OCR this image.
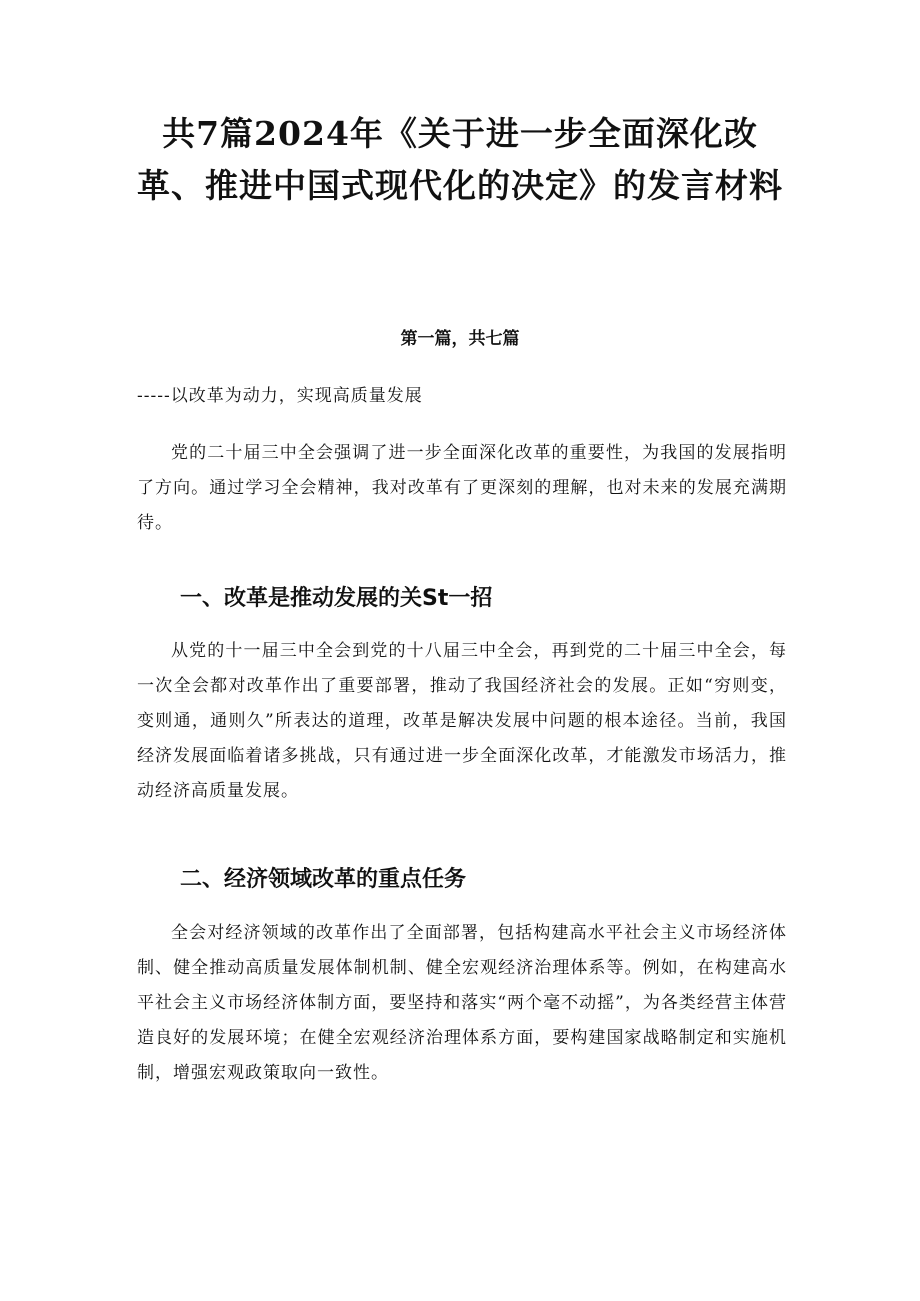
共7篇2024年《关于进一步全面深化改革、推进中国式现代化的决定》的发言材料
第一篇，共七篇
-----以改革为动力，实现高质量发展

党的二十届三中全会强调了进一步全面深化改革的重要性，为我国的发展指明了方向。通过学习全会精神，我对改革有了更深刻的理解，也对未来的发展充满期待。

一、改革是推动发展的关St一招

从党的十一届三中全会到党的十八届三中全会，再到党的二十届三中全会，每一次全会都对改革作出了重要部署，推动了我国经济社会的发展。正如“穷则变，变则通，通则久”所表达的道理，改革是解决发展中问题的根本途径。当前，我国经济发展面临着诸多挑战，只有通过进一步全面深化改革，才能激发市场活力，推动经济高质量发展。

二、经济领域改革的重点任务

全会对经济领域的改革作出了全面部署，包括构建高水平社会主义市场经济体制、健全推动高质量发展体制机制、健全宏观经济治理体系等。例如，在构建高水平社会主义市场经济体制方面，要坚持和落实“两个毫不动摇”，为各类经营主体营造良好的发展环境；在健全宏观经济治理体系方面，要构建国家战略制定和实施机制，增强宏观政策取向一致性。
